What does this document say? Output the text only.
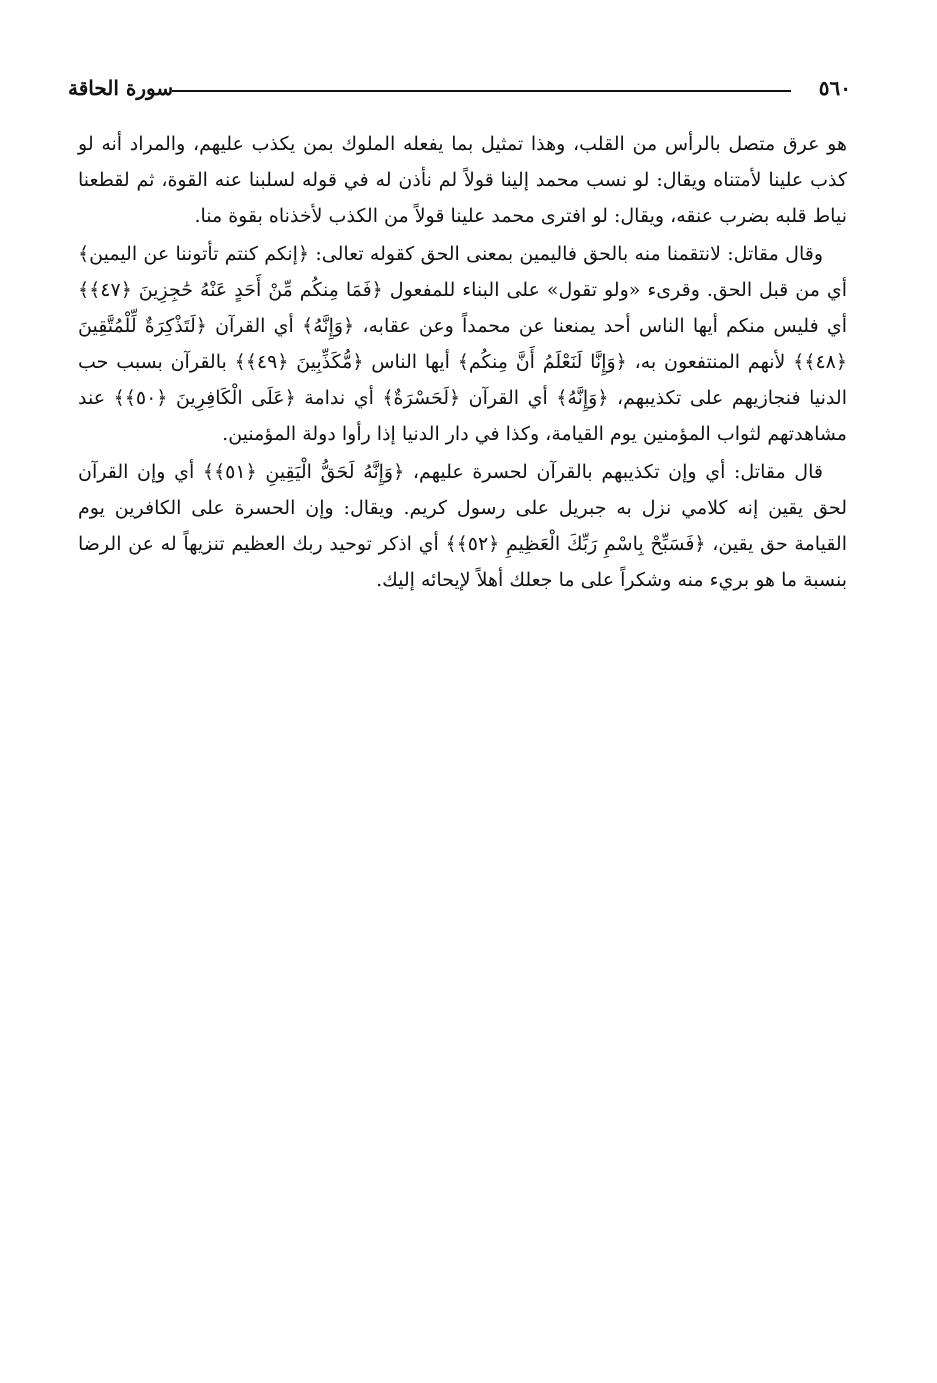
٥٦٠
سورة الحاقة

هو عرق متصل بالرأس من القلب، وهذا تمثيل بما يفعله الملوك بمن يكذب عليهم، والمراد أنه لو كذب علينا لأمتناه ويقال: لو نسب محمد إلينا قولاً لم نأذن له في قوله لسلبنا عنه القوة، ثم لقطعنا نياط قلبه بضرب عنقه، ويقال: لو افترى محمد علينا قولاً من الكذب لأخذناه بقوة منا.

وقال مقاتل: لانتقمنا منه بالحق فاليمين بمعنى الحق كقوله تعالى: ﴿إنكم كنتم تأتوننا عن اليمين﴾ أي من قبل الحق. وقرىء «ولو تقول» على البناء للمفعول ﴿فَمَا مِنكُم مِّنْ أَحَدٍ عَنْهُ حَٰجِزِينَ ﴿٤٧﴾﴾ أي فليس منكم أيها الناس أحد يمنعنا عن محمداً وعن عقابه، ﴿وَإِنَّهُ﴾ أي القرآن ﴿لَتَذْكِرَةٌ لِّلْمُتَّقِينَ ﴿٤٨﴾﴾ لأنهم المنتفعون به، ﴿وَإِنَّا لَنَعْلَمُ أَنَّ مِنكُم﴾ أيها الناس ﴿مُّكَذِّبِينَ ﴿٤٩﴾﴾ بالقرآن بسبب حب الدنيا فنجازيهم على تكذيبهم، ﴿وَإِنَّهُ﴾ أي القرآن ﴿لَحَسْرَةٌ﴾ أي ندامة ﴿عَلَى الْكَافِرِينَ ﴿٥٠﴾﴾ عند مشاهدتهم لثواب المؤمنين يوم القيامة، وكذا في دار الدنيا إذا رأوا دولة المؤمنين.

قال مقاتل: أي وإن تكذيبهم بالقرآن لحسرة عليهم، ﴿وَإِنَّهُ لَحَقُّ الْيَقِينِ ﴿٥١﴾﴾ أي وإن القرآن لحق يقين إنه كلامي نزل به جبريل على رسول كريم. ويقال: وإن الحسرة على الكافرين يوم القيامة حق يقين، ﴿فَسَبِّحْ بِاسْمِ رَبِّكَ الْعَظِيمِ ﴿٥٢﴾﴾ أي اذكر توحيد ربك العظيم تنزيهاً له عن الرضا بنسبة ما هو بريء منه وشكراً على ما جعلك أهلاً لإيحائه إليك.
